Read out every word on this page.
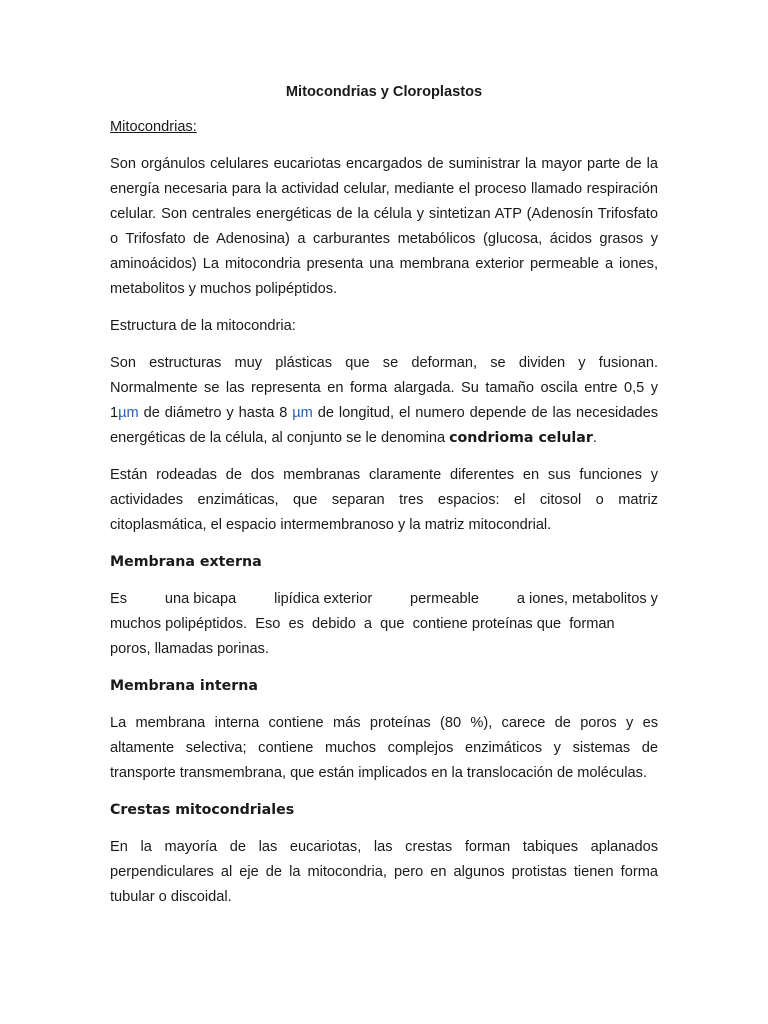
Mitocondrias y Cloroplastos
Mitocondrias:

Son orgánulos celulares eucariotas encargados de suministrar la mayor parte de la energía necesaria para la actividad celular, mediante el proceso llamado respiración celular. Son centrales energéticas de la célula y sintetizan ATP (Adenosín Trifosfato o Trifosfato de Adenosina) a carburantes metabólicos (glucosa, ácidos grasos y aminoácidos) La mitocondria presenta una membrana exterior permeable a iones, metabolitos y muchos polipéptidos.

Estructura de la mitocondria:

Son estructuras muy plásticas que se deforman, se dividen y fusionan. Normalmente se las representa en forma alargada. Su tamaño oscila entre 0,5 y 1µm de diámetro y hasta 8 µm de longitud, el numero depende de las necesidades energéticas de la célula, al conjunto se le denomina condrioma celular.

Están rodeadas de dos membranas claramente diferentes en sus funciones y actividades enzimáticas, que separan tres espacios: el citosol o matriz citoplasmática, el espacio intermembranoso y la matriz mitocondrial.

Membrana externa
Es	una bicapa	lipídica exterior	permeable	a iones, metabolitos y

muchos polipéptidos.  Eso  es  debido  a  que  contiene proteínas que  forman poros, llamadas porinas.

Membrana interna

La membrana interna contiene más proteínas (80 %), carece de poros y es altamente selectiva; contiene muchos complejos enzimáticos y sistemas de transporte transmembrana, que están implicados en la translocación de moléculas.

Crestas mitocondriales

En la mayoría de las eucariotas, las crestas forman tabiques aplanados perpendiculares al eje de la mitocondria, pero en algunos protistas tienen forma tubular o discoidal.
